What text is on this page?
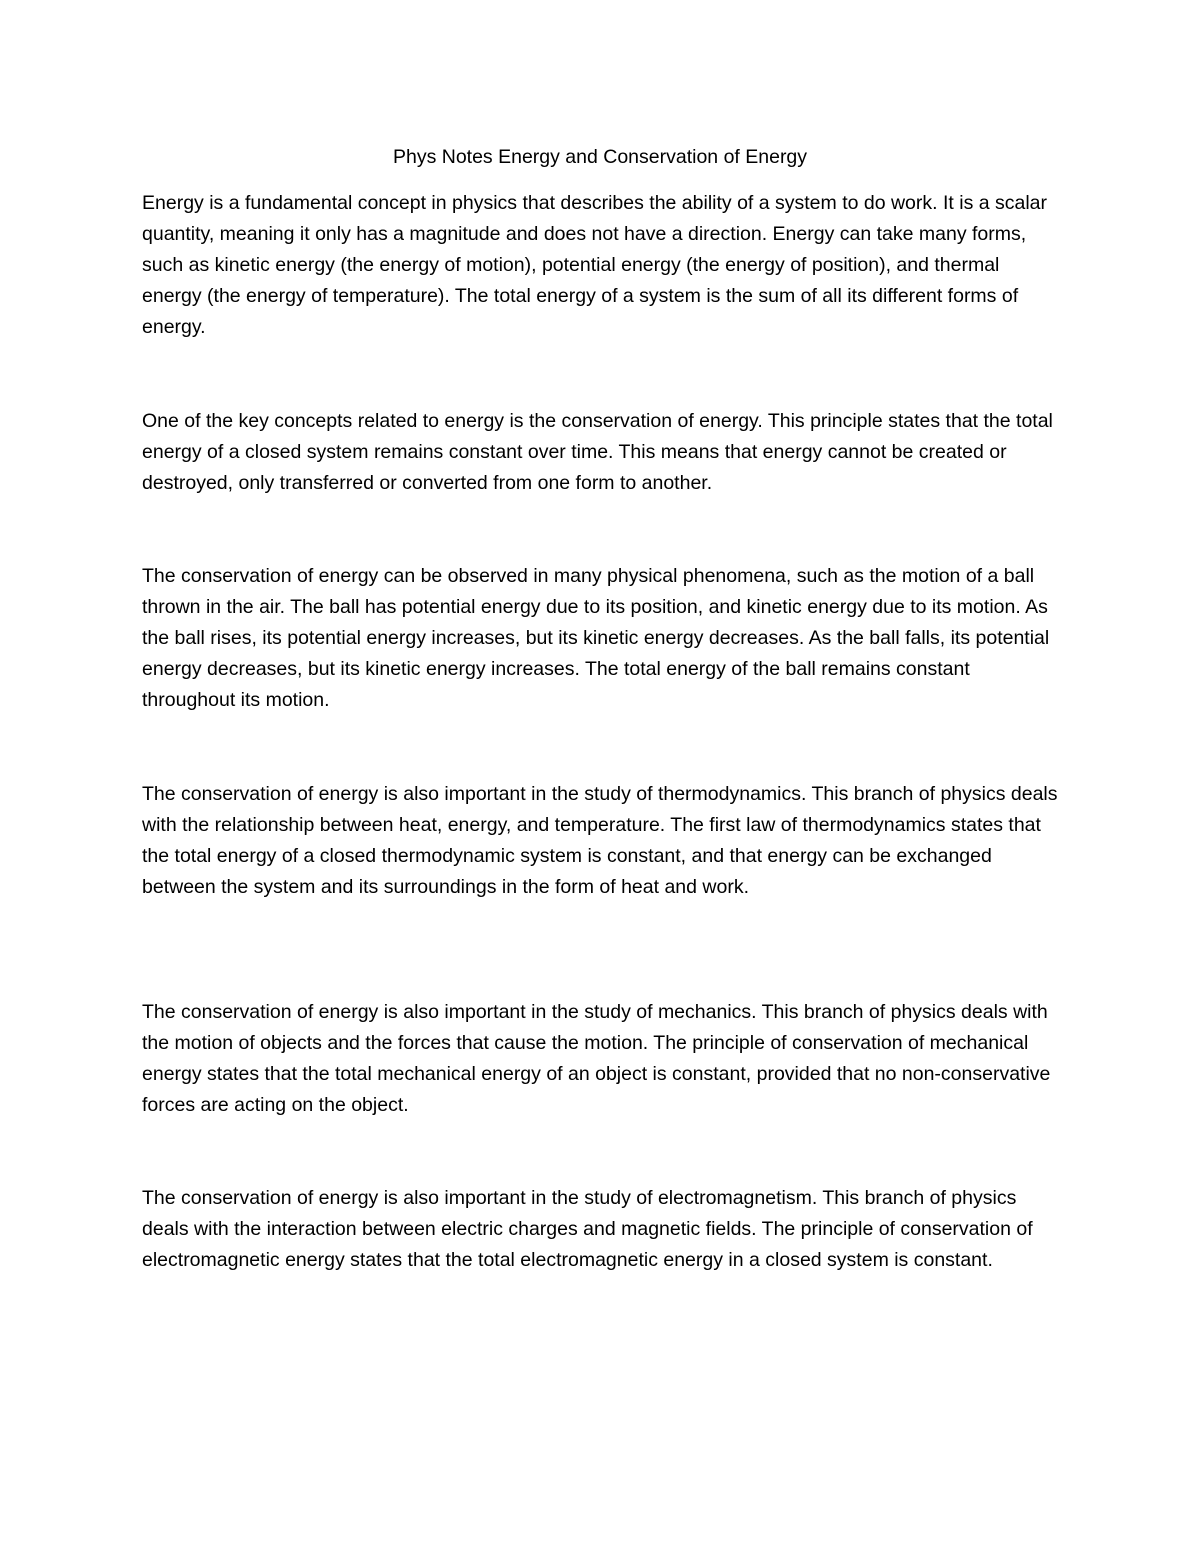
Phys Notes Energy and Conservation of Energy

Energy is a fundamental concept in physics that describes the ability of a system to do work. It is a scalar quantity, meaning it only has a magnitude and does not have a direction. Energy can take many forms, such as kinetic energy (the energy of motion), potential energy (the energy of position), and thermal energy (the energy of temperature). The total energy of a system is the sum of all its different forms of energy.

One of the key concepts related to energy is the conservation of energy. This principle states that the total energy of a closed system remains constant over time. This means that energy cannot be created or destroyed, only transferred or converted from one form to another.

The conservation of energy can be observed in many physical phenomena, such as the motion of a ball thrown in the air. The ball has potential energy due to its position, and kinetic energy due to its motion. As the ball rises, its potential energy increases, but its kinetic energy decreases. As the ball falls, its potential energy decreases, but its kinetic energy increases. The total energy of the ball remains constant throughout its motion.

The conservation of energy is also important in the study of thermodynamics. This branch of physics deals with the relationship between heat, energy, and temperature. The first law of thermodynamics states that the total energy of a closed thermodynamic system is constant, and that energy can be exchanged between the system and its surroundings in the form of heat and work.

The conservation of energy is also important in the study of mechanics. This branch of physics deals with the motion of objects and the forces that cause the motion. The principle of conservation of mechanical energy states that the total mechanical energy of an object is constant, provided that no non-conservative forces are acting on the object.

The conservation of energy is also important in the study of electromagnetism. This branch of physics deals with the interaction between electric charges and magnetic fields. The principle of conservation of electromagnetic energy states that the total electromagnetic energy in a closed system is constant.
